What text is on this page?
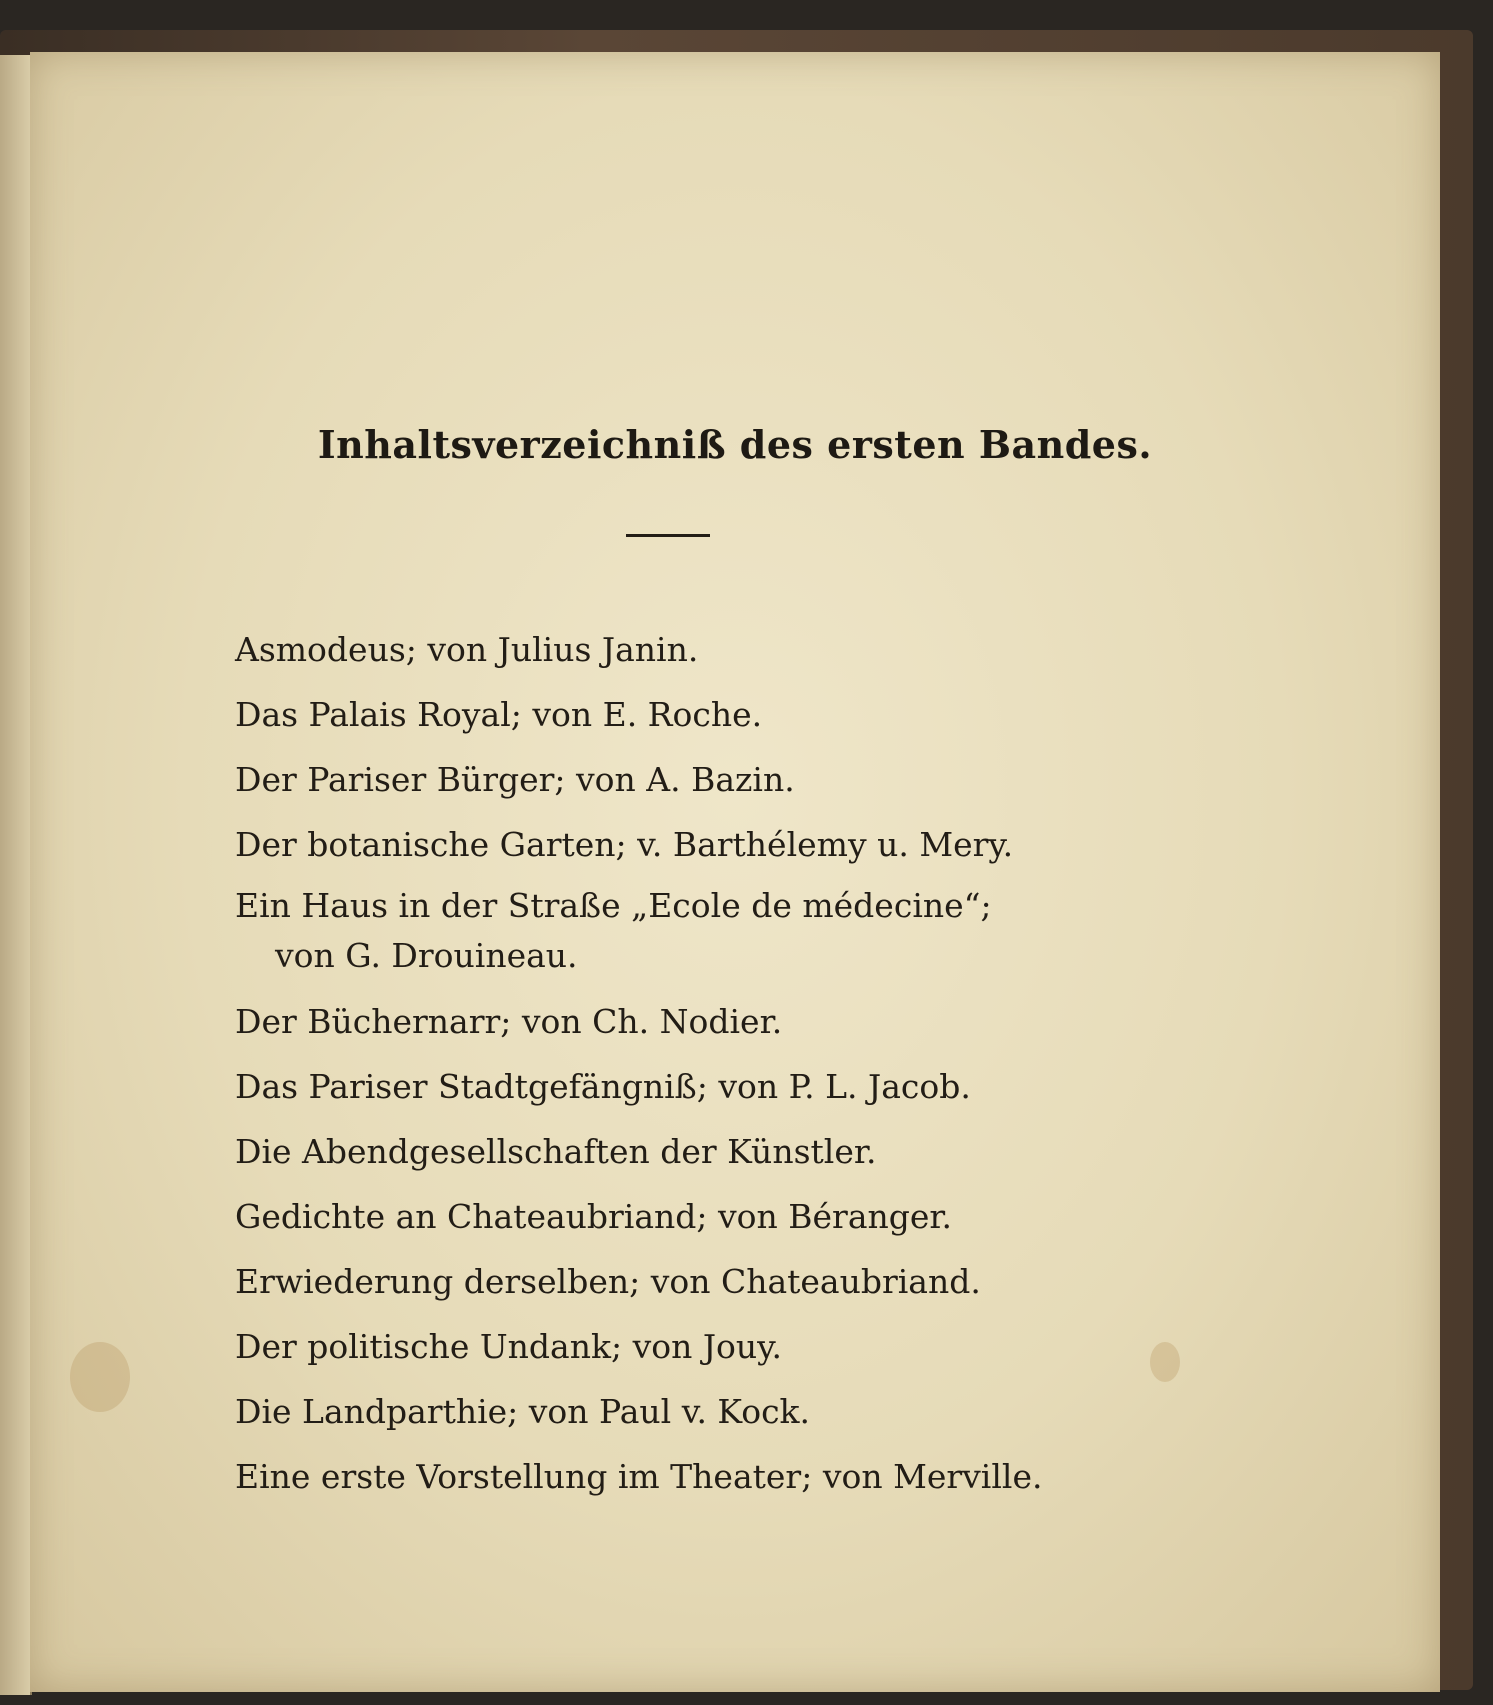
Inhaltsverzeichniß des ersten Bandes.
Asmodeus; von Julius Janin.
Das Palais Royal; von E. Roche.
Der Pariser Bürger; von A. Bazin.
Der botanische Garten; v. Barthélemy u. Mery.
Ein Haus in der Straße „Ecole de médecine“;
von G. Drouineau.
Der Büchernarr; von Ch. Nodier.
Das Pariser Stadtgefängniß; von P. L. Jacob.
Die Abendgesellschaften der Künstler.
Gedichte an Chateaubriand; von Béranger.
Erwiederung derselben; von Chateaubriand.
Der politische Undank; von Jouy.
Die Landparthie; von Paul v. Kock.
Eine erste Vorstellung im Theater; von Merville.
